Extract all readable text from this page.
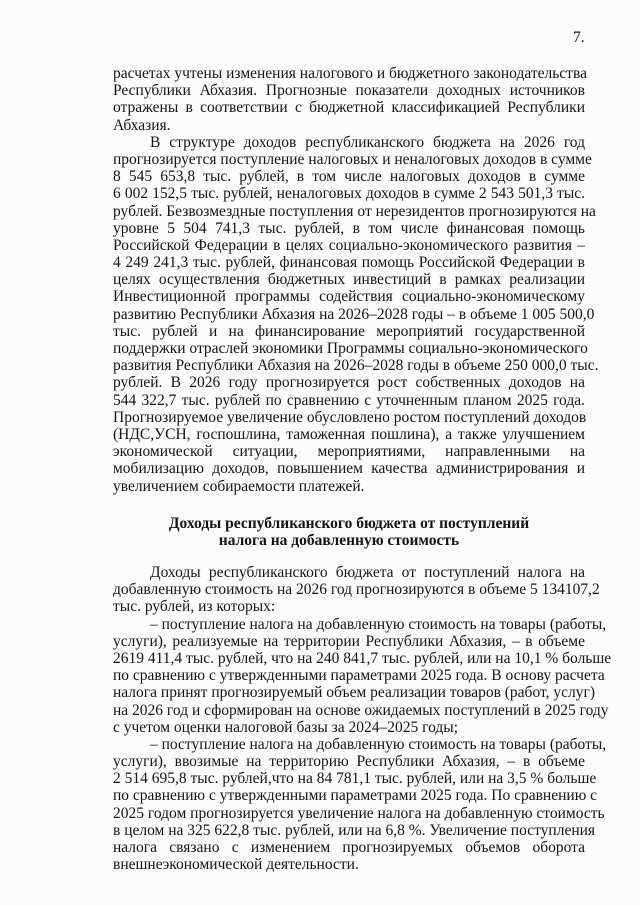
7.
расчетах учтены изменения налогового и бюджетного законодательства
Республики Абхазия. Прогнозные показатели доходных источников
отражены в соответствии с бюджетной классификацией Республики
Абхазия.
В структуре доходов республиканского бюджета на 2026 год
прогнозируется поступление налоговых и неналоговых доходов в сумме
8 545 653,8 тыс. рублей, в том числе налоговых доходов в сумме
6 002 152,5 тыс. рублей, неналоговых доходов в сумме 2 543 501,3 тыс.
рублей. Безвозмездные поступления от нерезидентов прогнозируются на
уровне 5 504 741,3 тыс. рублей, в том числе финансовая помощь
Российской Федерации в целях социально-экономического развития –
4 249 241,3 тыс. рублей, финансовая помощь Российской Федерации в
целях осуществления бюджетных инвестиций в рамках реализации
Инвестиционной программы содействия социально-экономическому
развитию Республики Абхазия на 2026–2028 годы – в объеме 1 005 500,0
тыс. рублей и на финансирование мероприятий государственной
поддержки отраслей экономики Программы социально-экономического
развития Республики Абхазия на 2026–2028 годы в объеме 250 000,0 тыс.
рублей. В 2026 году прогнозируется рост собственных доходов на
544 322,7 тыс. рублей по сравнению с уточненным планом 2025 года.
Прогнозируемое увеличение обусловлено ростом поступлений доходов
(НДС,УСН, госпошлина, таможенная пошлина), а также улучшением
экономической ситуации, мероприятиями, направленными на
мобилизацию доходов, повышением качества администрирования и
увеличением собираемости платежей.
Доходы республиканского бюджета от поступлений
налога на добавленную стоимость
Доходы республиканского бюджета от поступлений налога на
добавленную стоимость на 2026 год прогнозируются в объеме 5 134107,2
тыс. рублей, из которых:
– поступление налога на добавленную стоимость на товары (работы,
услуги), реализуемые на территории Республики Абхазия, – в объеме
2619 411,4 тыс. рублей, что на 240 841,7 тыс. рублей, или на 10,1 % больше
по сравнению с утвержденными параметрами 2025 года. В основу расчета
налога принят прогнозируемый объем реализации товаров (работ, услуг)
на 2026 год и сформирован на основе ожидаемых поступлений в 2025 году
с учетом оценки налоговой базы за 2024–2025 годы;
– поступление налога на добавленную стоимость на товары (работы,
услуги), ввозимые на территорию Республики Абхазия, – в объеме
2 514 695,8 тыс. рублей,что на 84 781,1 тыс. рублей, или на 3,5 % больше
по сравнению с утвержденными параметрами 2025 года. По сравнению с
2025 годом прогнозируется увеличение налога на добавленную стоимость
в целом на 325 622,8 тыс. рублей, или на 6,8 %. Увеличение поступления
налога связано с изменением прогнозируемых объемов оборота
внешнеэкономической деятельности.
